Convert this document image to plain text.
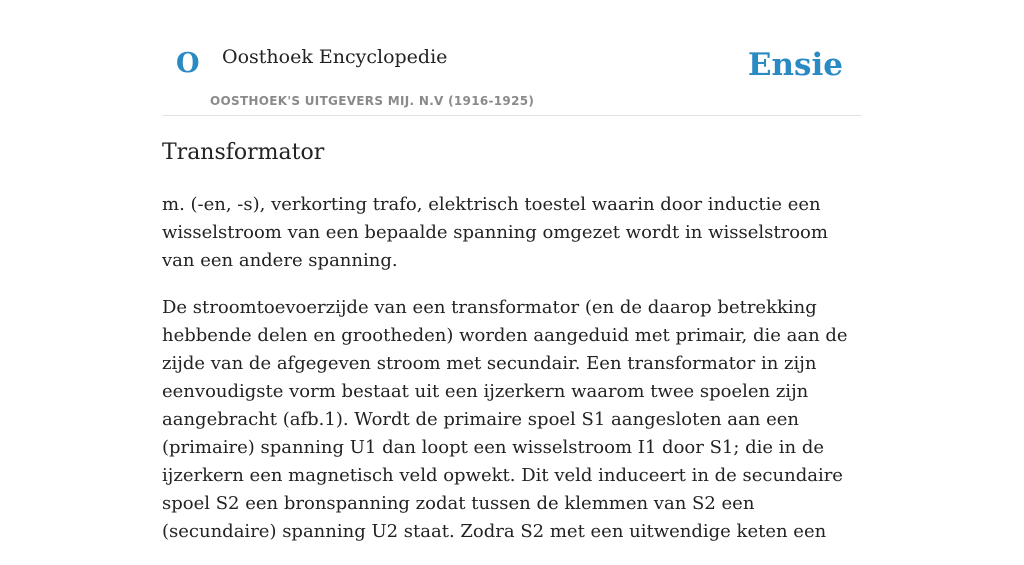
O Oosthoek Encyclopedie
OOSTHOEK'S UITGEVERS MIJ. N.V (1916-1925)
Ensie
Transformator

m. (-en, -s), verkorting trafo, elektrisch toestel waarin door inductie een wisselstroom van een bepaalde spanning omgezet wordt in wisselstroom van een andere spanning.

De stroomtoevoerzijde van een transformator (en de daarop betrekking hebbende delen en grootheden) worden aangeduid met primair, die aan de zijde van de afgegeven stroom met secundair. Een transformator in zijn eenvoudigste vorm bestaat uit een ijzerkern waarom twee spoelen zijn aangebracht (afb.1). Wordt de primaire spoel S1 aangesloten aan een (primaire) spanning U1 dan loopt een wisselstroom I1 door S1; die in de ijzerkern een magnetisch veld opwekt. Dit veld induceert in de secundaire spoel S2 een bronspanning zodat tussen de klemmen van S2 een (secundaire) spanning U2 staat. Zodra S2 met een uitwendige keten een
